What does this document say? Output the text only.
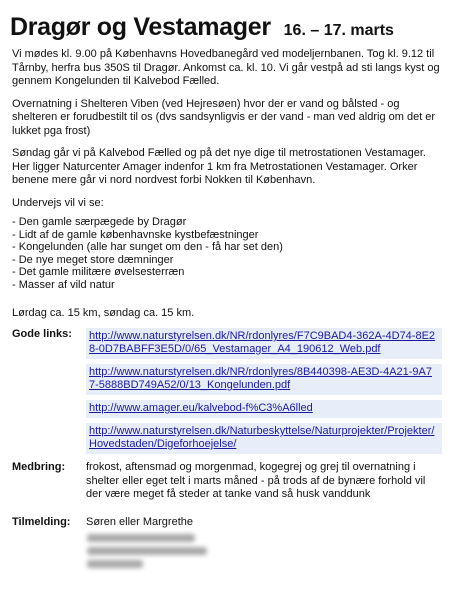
Dragør og Vestamager 16. – 17. marts

Vi mødes kl. 9.00 på Københavns Hovedbanegård ved modeljernbanen. Tog kl. 9.12 til Tårnby, herfra bus 350S til Dragør. Ankomst ca. kl. 10. Vi går vestpå ad sti langs kyst og gennem Kongelunden til Kalvebod Fælled.

Overnatning i Shelteren Viben (ved Hejresøen) hvor der er vand og bålsted - og shelteren er forudbestilt til os (dvs sandsynligvis er der vand - man ved aldrig om det er lukket pga frost)

Søndag går vi på Kalvebod Fælled og på det nye dige til metrostationen Vestamager. Her ligger Naturcenter Amager indenfor 1 km fra Metrostationen Vestamager. Orker benene mere går vi nord nordvest forbi Nokken til København.

Undervejs vil vi se:

- Den gamle særpægede by Dragør
- Lidt af de gamle københavnske kystbefæstninger
- Kongelunden (alle har sunget om den - få har set den)
- De nye meget store dæmninger
- Det gamle militære øvelsesterræn
- Masser af vild natur

Lørdag ca. 15 km, søndag ca. 15 km.

Gode links:	http://www.naturstyrelsen.dk/NR/rdonlyres/F7C9BAD4-362A-4D74-8E28-0D7BABFF3E5D/0/65_Vestamager_A4_190612_Web.pdf
http://www.naturstyrelsen.dk/NR/rdonlyres/8B440398-AE3D-4A21-9A77-5888BD749A52/0/13_Kongelunden.pdf
http://www.amager.eu/kalvebod-f%C3%A6lled
http://www.naturstyrelsen.dk/Naturbeskyttelse/Naturprojekter/Projekter/Hovedstaden/Digeforhoejelse/
Medbring:	frokost, aftensmad og morgenmad, kogegrej og grej til overnatning i shelter eller eget telt i marts måned - på trods af de bynære forhold vil der være meget få steder at tanke vand så husk vanddunk
Tilmelding:	Søren eller Margrethe
